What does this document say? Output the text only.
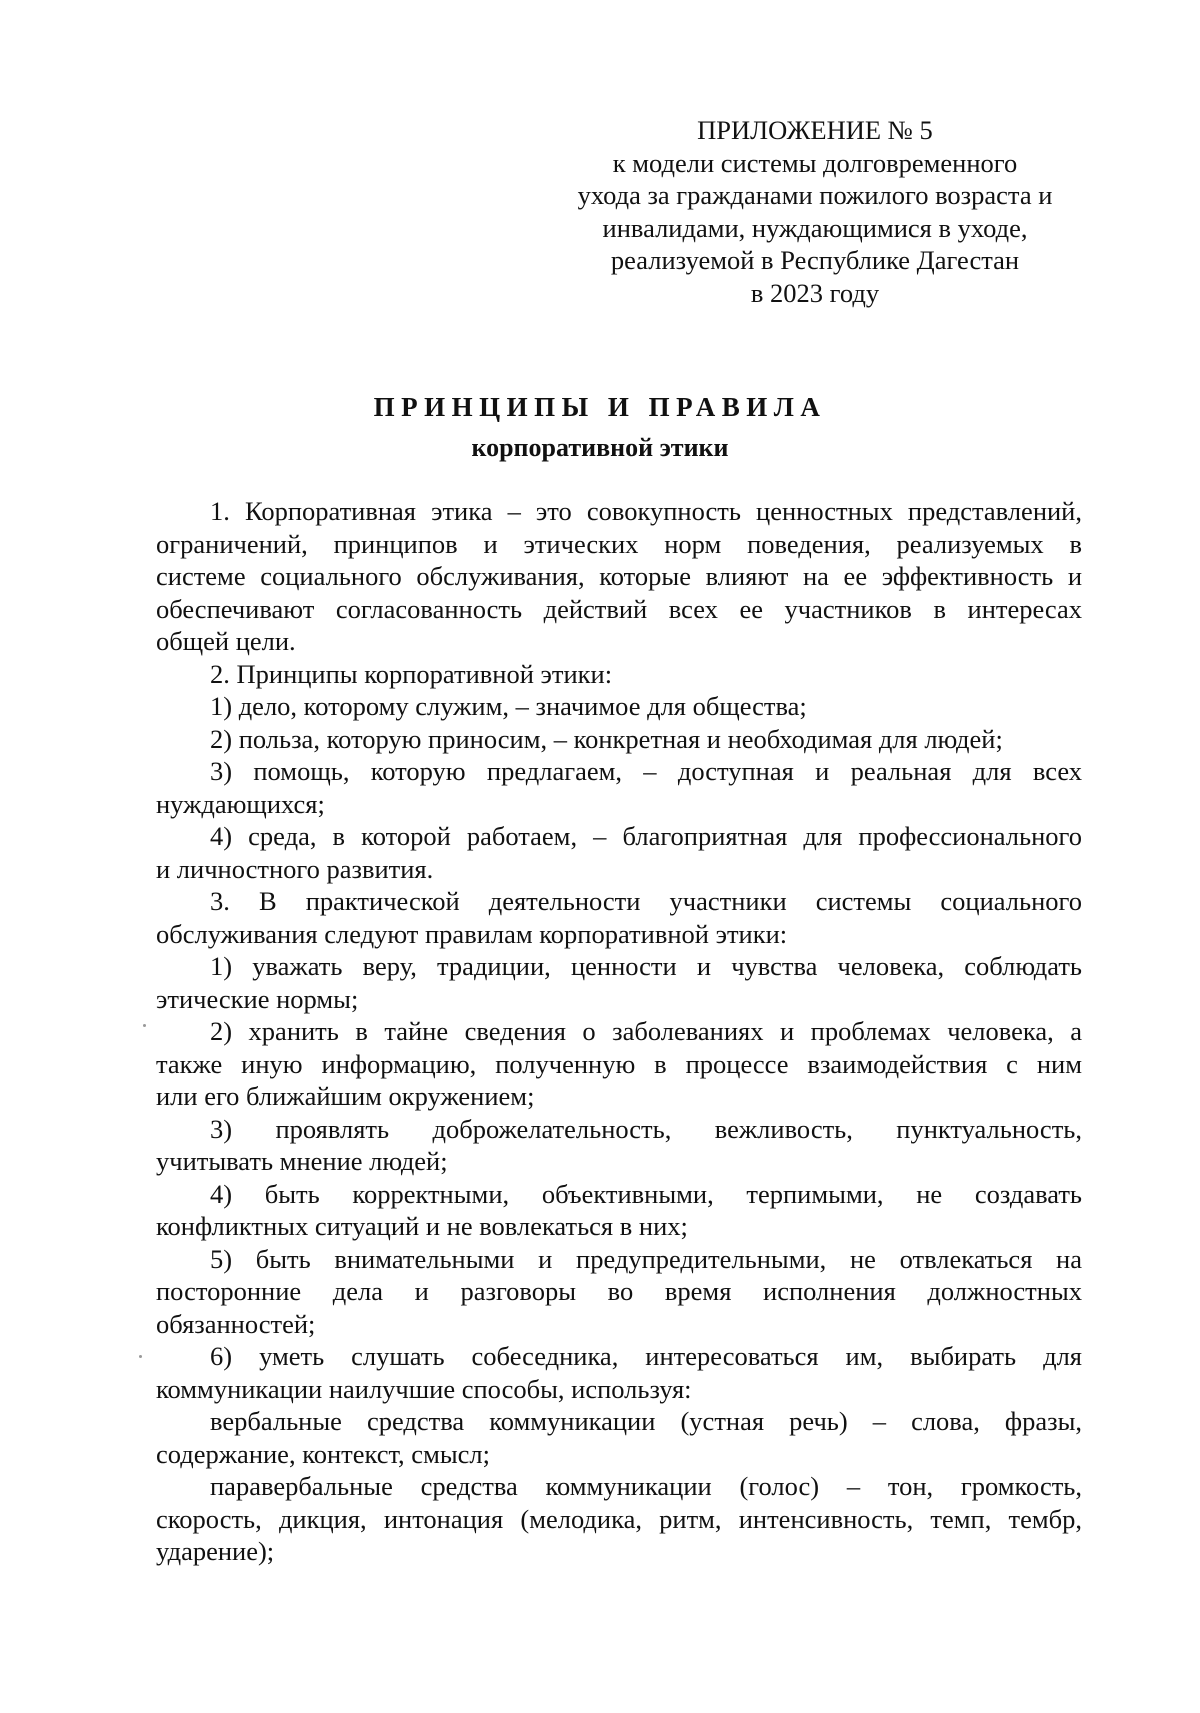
ПРИЛОЖЕНИЕ № 5
к модели системы долговременного
ухода за гражданами пожилого возраста и
инвалидами, нуждающимися в уходе,
реализуемой в Республике Дагестан
в 2023 году
ПРИНЦИПЫ И ПРАВИЛА
корпоративной этики
1. Корпоративная этика – это совокупность ценностных представлений,
ограничений, принципов и этических норм поведения, реализуемых в
системе социального обслуживания, которые влияют на ее эффективность и
обеспечивают согласованность действий всех ее участников в интересах
общей цели.
2. Принципы корпоративной этики:
1) дело, которому служим, – значимое для общества;
2) польза, которую приносим, – конкретная и необходимая для людей;
3) помощь, которую предлагаем, – доступная и реальная для всех
нуждающихся;
4) среда, в которой работаем, – благоприятная для профессионального
и личностного развития.
3. В практической деятельности участники системы социального
обслуживания следуют правилам корпоративной этики:
1) уважать веру, традиции, ценности и чувства человека, соблюдать
этические нормы;
2) хранить в тайне сведения о заболеваниях и проблемах человека, а
также иную информацию, полученную в процессе взаимодействия с ним
или его ближайшим окружением;
3) проявлять доброжелательность, вежливость, пунктуальность,
учитывать мнение людей;
4) быть корректными, объективными, терпимыми, не создавать
конфликтных ситуаций и не вовлекаться в них;
5) быть внимательными и предупредительными, не отвлекаться на
посторонние дела и разговоры во время исполнения должностных
обязанностей;
6) уметь слушать собеседника, интересоваться им, выбирать для
коммуникации наилучшие способы, используя:
вербальные средства коммуникации (устная речь) – слова, фразы,
содержание, контекст, смысл;
паравербальные средства коммуникации (голос) – тон, громкость,
скорость, дикция, интонация (мелодика, ритм, интенсивность, темп, тембр,
ударение);
